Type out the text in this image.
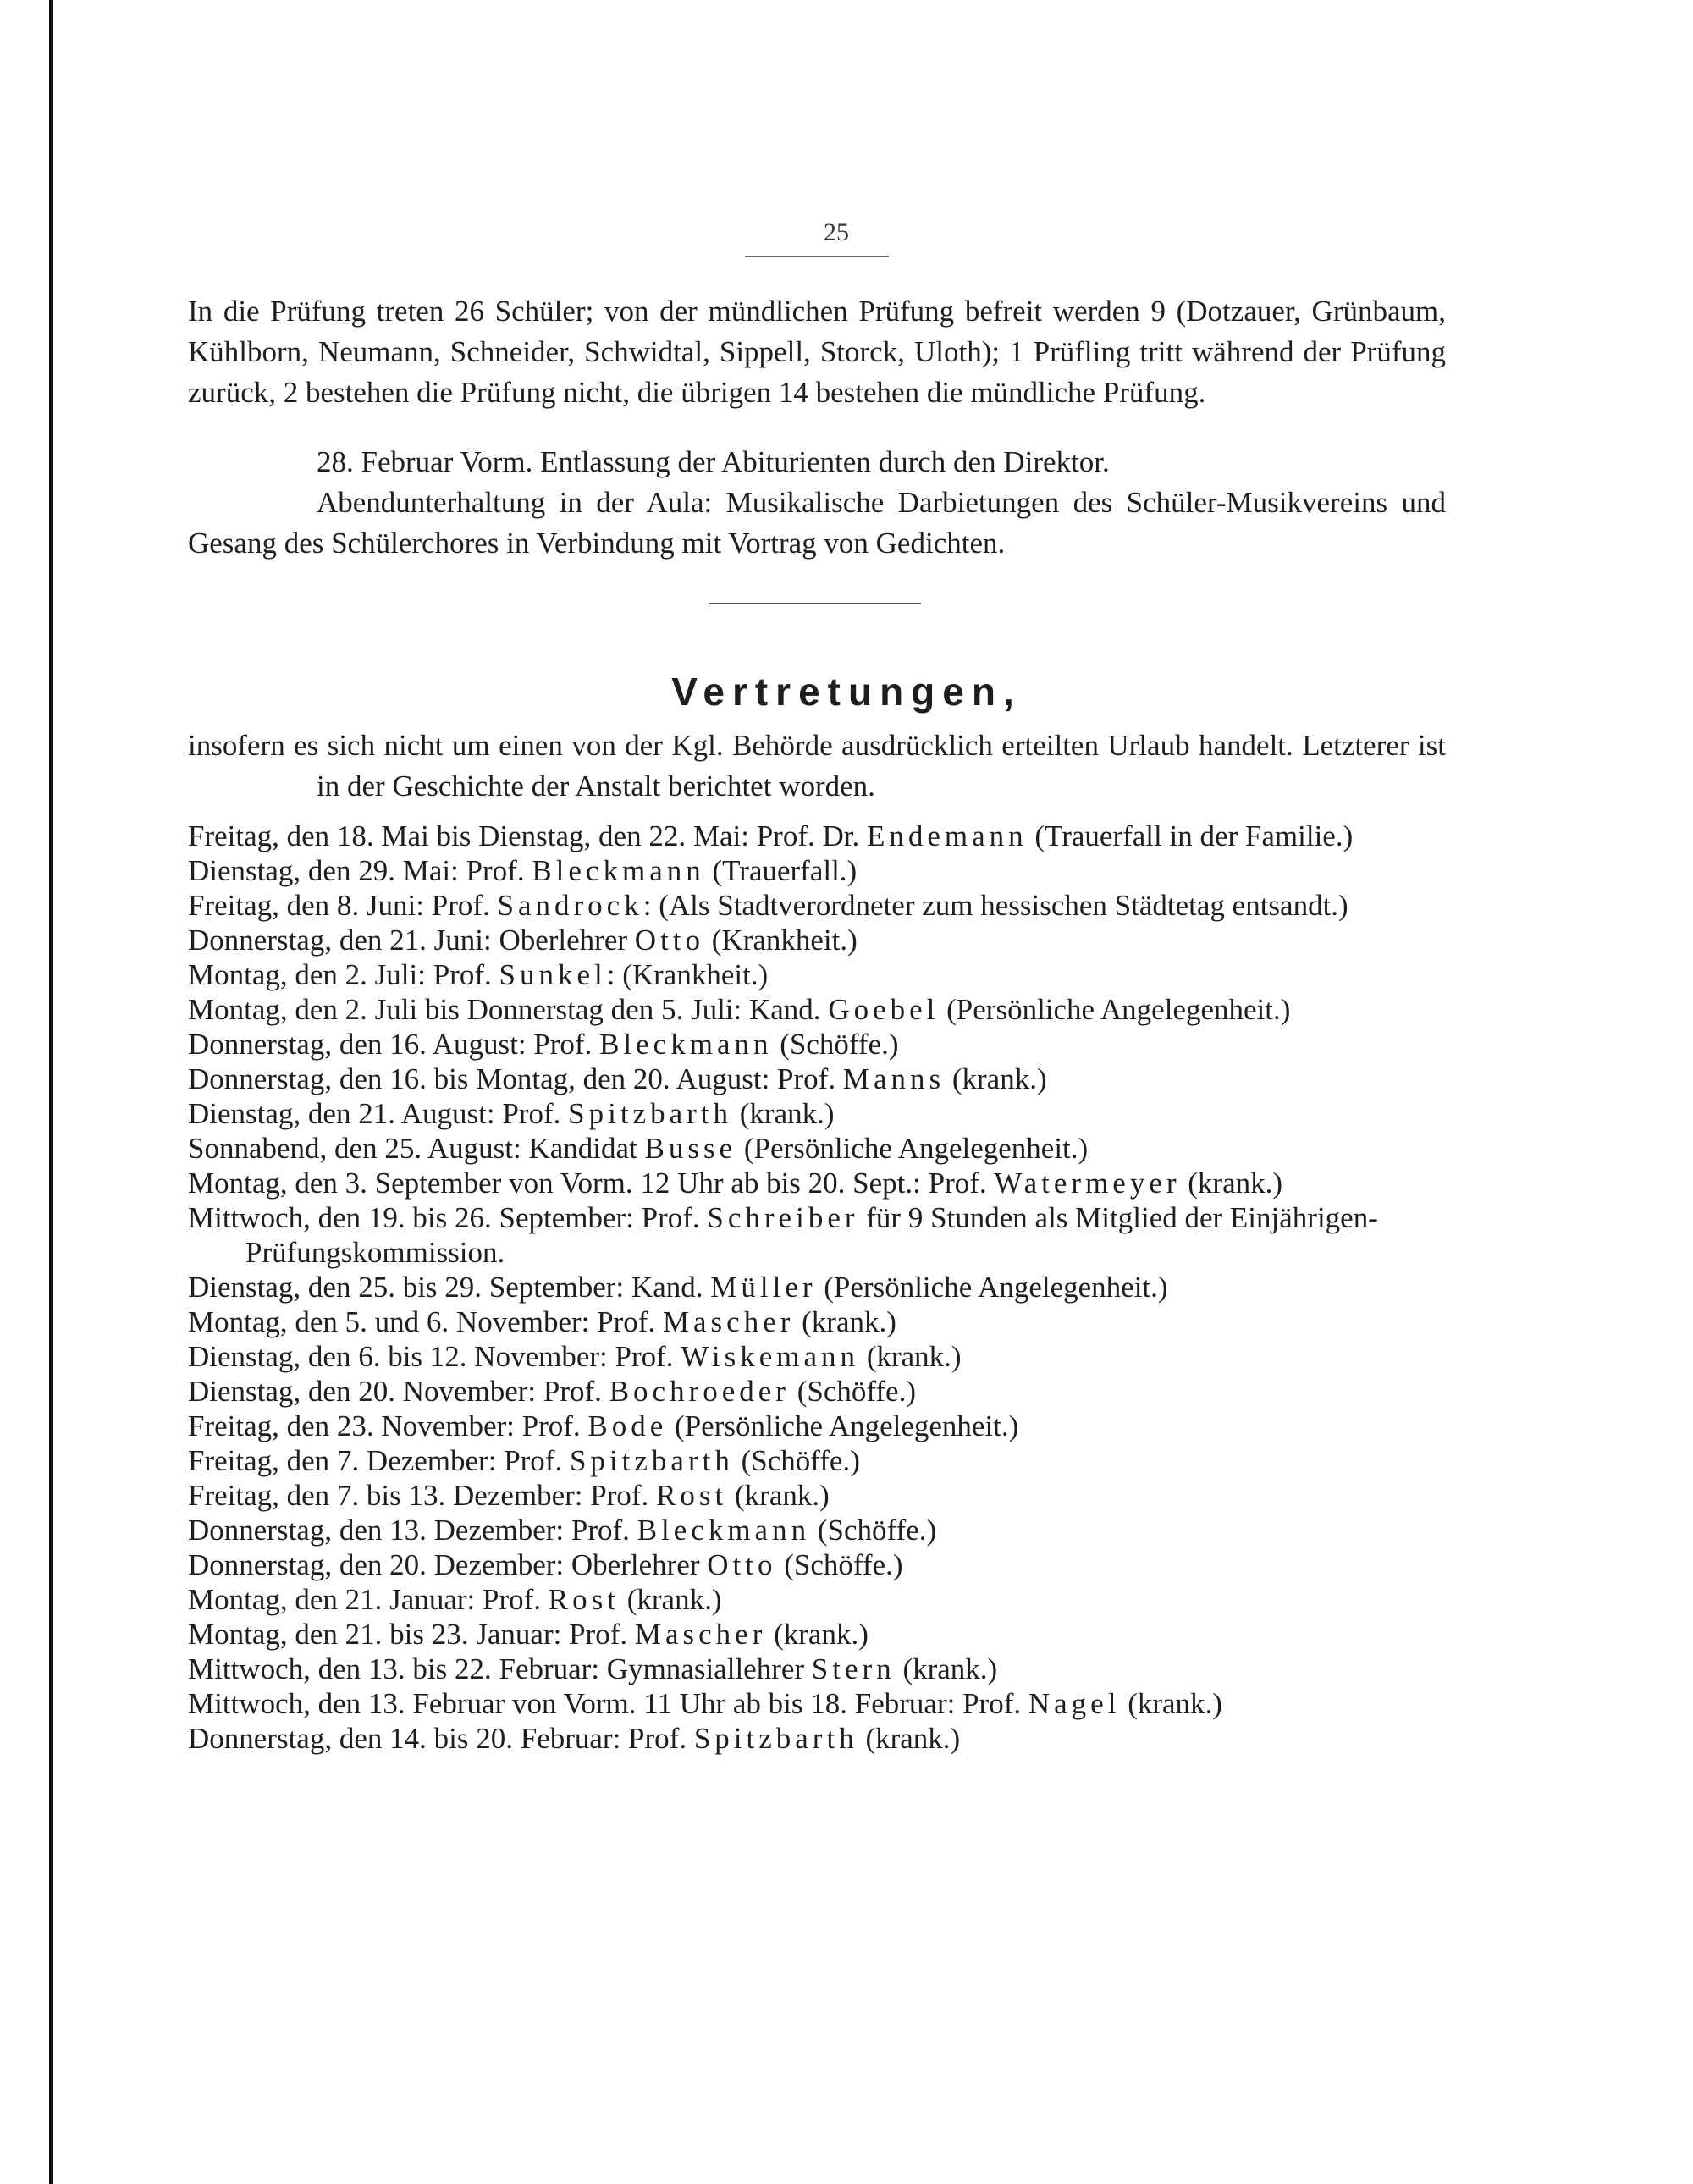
25

In die Prüfung treten 26 Schüler; von der mündlichen Prüfung befreit werden 9 (Dotzauer, Grünbaum, Kühlborn, Neumann, Schneider, Schwidtal, Sippell, Storck, Uloth); 1 Prüfling tritt während der Prüfung zurück, 2 bestehen die Prüfung nicht, die übrigen 14 bestehen die mündliche Prüfung.

28. Februar Vorm. Entlassung der Abiturienten durch den Direktor.

Abendunterhaltung in der Aula: Musikalische Darbietungen des Schüler-Musikvereins und Gesang des Schülerchores in Verbindung mit Vortrag von Gedichten.

Vertretungen,

insofern es sich nicht um einen von der Kgl. Behörde ausdrücklich erteilten Urlaub handelt. Letzterer ist in der Geschichte der Anstalt berichtet worden.

Freitag, den 18. Mai bis Dienstag, den 22. Mai: Prof. Dr. Endemann (Trauerfall in der Familie.)
Dienstag, den 29. Mai: Prof. Bleckmann (Trauerfall.)
Freitag, den 8. Juni: Prof. Sandrock: (Als Stadtverordneter zum hessischen Städtetag entsandt.)
Donnerstag, den 21. Juni: Oberlehrer Otto (Krankheit.)
Montag, den 2. Juli: Prof. Sunkel: (Krankheit.)
Montag, den 2. Juli bis Donnerstag den 5. Juli: Kand. Goebel (Persönliche Angelegenheit.)
Donnerstag, den 16. August: Prof. Bleckmann (Schöffe.)
Donnerstag, den 16. bis Montag, den 20. August: Prof. Manns (krank.)
Dienstag, den 21. August: Prof. Spitzbarth (krank.)
Sonnabend, den 25. August: Kandidat Busse (Persönliche Angelegenheit.)
Montag, den 3. September von Vorm. 12 Uhr ab bis 20. Sept.: Prof. Watermeyer (krank.)
Mittwoch, den 19. bis 26. September: Prof. Schreiber für 9 Stunden als Mitglied der Einjährigen-Prüfungskommission.
Dienstag, den 25. bis 29. September: Kand. Müller (Persönliche Angelegenheit.)
Montag, den 5. und 6. November: Prof. Mascher (krank.)
Dienstag, den 6. bis 12. November: Prof. Wiskemann (krank.)
Dienstag, den 20. November: Prof. Bochroeder (Schöffe.)
Freitag, den 23. November: Prof. Bode (Persönliche Angelegenheit.)
Freitag, den 7. Dezember: Prof. Spitzbarth (Schöffe.)
Freitag, den 7. bis 13. Dezember: Prof. Rost (krank.)
Donnerstag, den 13. Dezember: Prof. Bleckmann (Schöffe.)
Donnerstag, den 20. Dezember: Oberlehrer Otto (Schöffe.)
Montag, den 21. Januar: Prof. Rost (krank.)
Montag, den 21. bis 23. Januar: Prof. Mascher (krank.)
Mittwoch, den 13. bis 22. Februar: Gymnasiallehrer Stern (krank.)
Mittwoch, den 13. Februar von Vorm. 11 Uhr ab bis 18. Februar: Prof. Nagel (krank.)
Donnerstag, den 14. bis 20. Februar: Prof. Spitzbarth (krank.)
